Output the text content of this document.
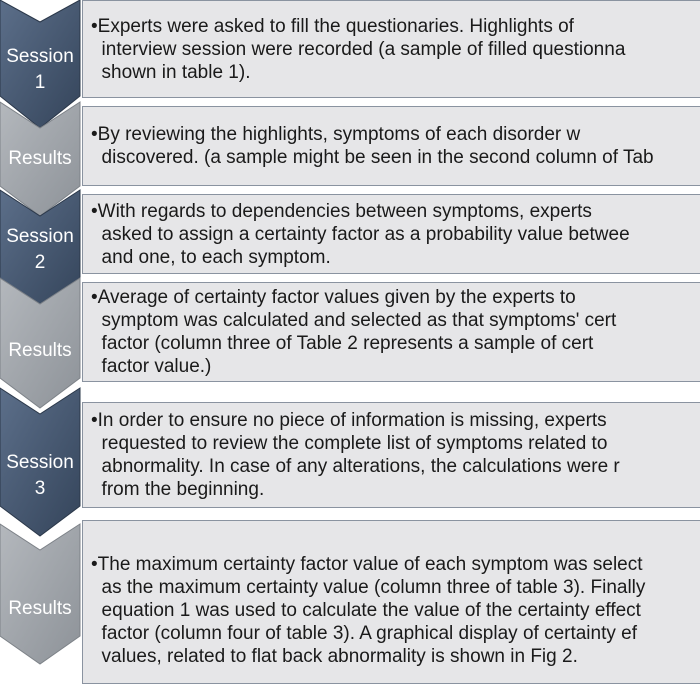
Session
1

•Experts were asked to fill the questionaries. Highlights of
interview session were recorded (a sample of filled questionna
shown in table 1).

Results

•By reviewing the highlights, symptoms of each disorder w
discovered. (a sample might be seen in the second column of Tab

Session
2

•With regards to dependencies between symptoms, experts
asked to assign a certainty factor as a probability value betwee
and one, to each symptom.

Results

•Average of certainty factor values given by the experts to
symptom was calculated and selected as that symptoms' cert
factor (column three of Table 2 represents a sample of cert
factor value.)

Session
3

•In order to ensure no piece of information is missing, experts
requested to review the complete list of symptoms related to
abnormality. In case of any alterations, the calculations were r
from the beginning.

Results

•The maximum certainty factor value of each symptom was select
as the maximum certainty value (column three of table 3). Finally
equation 1 was used to calculate the value of the certainty effect
factor (column four of table 3). A graphical display of certainty ef
values, related to flat back abnormality is shown in Fig 2.
